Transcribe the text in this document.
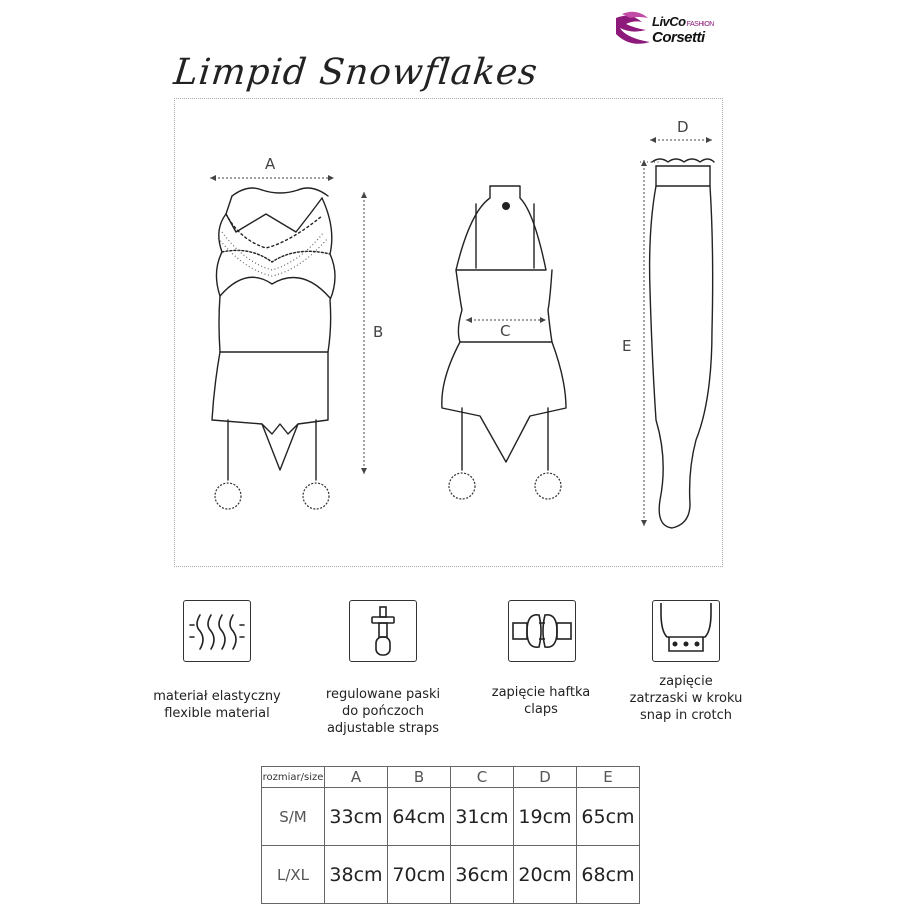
LivCoFASHION
Corsetti
Limpid Snowflakes
A
B	C
D
E
materiał elastyczny
flexible material
regulowane paski
do pończoch
adjustable straps
zapięcie haftka
claps
zapięcie
zatrzaski w kroku
snap in crotch
rozmiar/size	A	B	C	D	E
S/M	33cm	64cm	31cm	19cm	65cm
L/XL	38cm	70cm	36cm	20cm	68cm
